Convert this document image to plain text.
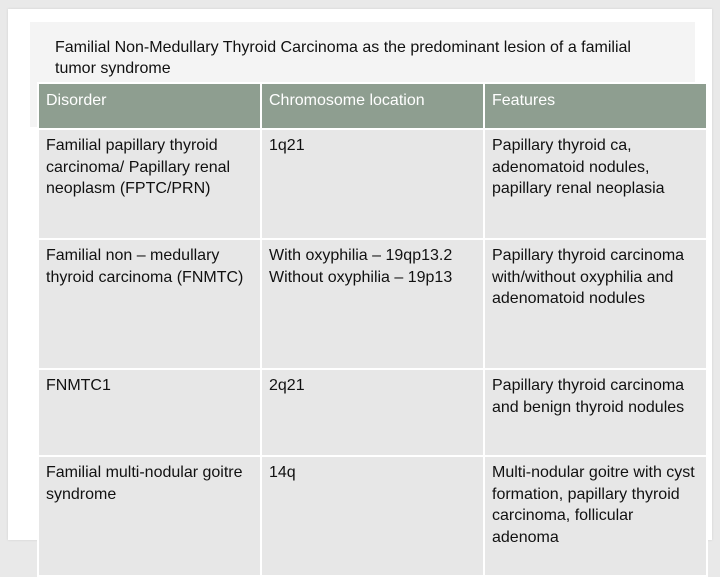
Familial Non-Medullary Thyroid Carcinoma as the predominant lesion of a familial tumor syndrome
Disorder	Chromosome location	Features
Familial papillary thyroid carcinoma/ Papillary renal neoplasm (FPTC/PRN)	1q21	Papillary thyroid ca, adenomatoid nodules, papillary renal neoplasia
Familial non – medullary thyroid carcinoma (FNMTC)	With oxyphilia – 19qp13.2 Without oxyphilia – 19p13	Papillary thyroid carcinoma with/without oxyphilia and adenomatoid nodules
FNMTC1	2q21	Papillary thyroid carcinoma and benign thyroid nodules
Familial multi-nodular goitre syndrome	14q	Multi-nodular goitre with cyst formation, papillary thyroid carcinoma, follicular adenoma
